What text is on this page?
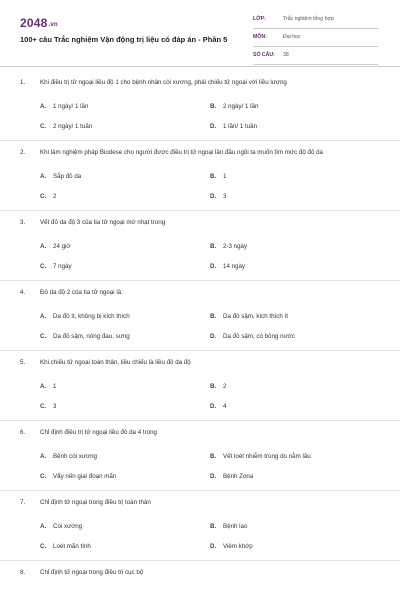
2048.vn
100+ câu Trắc nghiệm Vận động trị liệu có đáp án - Phần 5
LỚP:	Trắc nghiệm tổng hợp
MÔN:	Đại học
SỐ CÂU: 38
1.	Khi điều trị tử ngoại liều độ 1 cho bệnh nhân còi xương, phải chiếu tử ngoại với liều lượng
A.	1 ngày/ 1 lần	B.	2 ngày/ 1 lần
C.	2 ngày/ 1 tuần	D.	1 lần/ 1 tuần
2.	Khi làm nghiệm pháp Biodese cho người được điều trị tử ngoại lần đầu ngồi ta muốn tìm mức độ đỏ da
A.	Sắp đỏ da	B.	1
C.	2	D.	3
3.	Vết đỏ da độ 3 của tia tử ngoại mờ nhạt trong
A.	24 giờ	B.	2-3 ngày
C.	7 ngày	D.	14 ngày
4.	Đỏ da độ 2 của tia tử ngoại là:
A.	Da đỏ ít, không bị kích thích	B.	Da đỏ sậm, kích thích ít
C.	Da đỏ sậm, nóng đau, sưng	D.	Da đỏ sậm, có bỏng nước
5.	Khi chiếu tử ngoại toàn thân, liều chiếu là liều đỏ da độ
A.	1	B.	2
C.	3	D.	4
6.	Chỉ định điều trị tử ngoại liều đỏ da 4 trong
A.	Bệnh còi xương	B.	Vết loét nhiễm trùng do nằm lâu
C.	Vẩy nến giai đoạn mãn	D.	Bệnh Zona
7.	Chỉ định tử ngoại trong điều trị toàn thân
A.	Còi xương	B.	Bệnh lao
C.	Loét mãn tính	D.	Viêm khớp
8.	Chỉ định tử ngoại trong điều trị cục bộ
